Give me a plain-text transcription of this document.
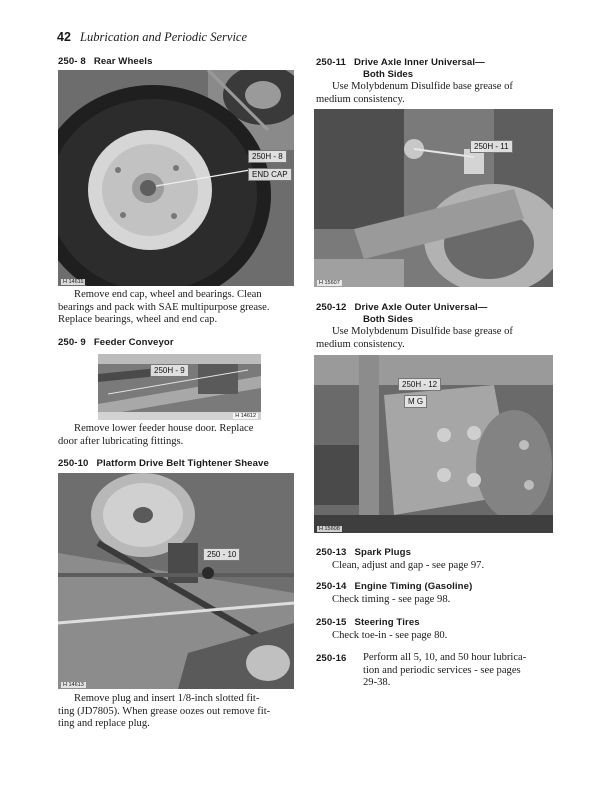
42 Lubrication and Periodic Service
250- 8 Rear Wheels
250H - 8
END CAP
H 14611
Remove end cap, wheel and bearings. Clean
bearings and pack with SAE multipurpose grease.
Replace bearings, wheel and end cap.
250- 9 Feeder Conveyor
250H - 9
H 14612
Remove lower feeder house door. Replace
door after lubricating fittings.
250-10 Platform Drive Belt Tightener Sheave
250 - 10
H 14613
Remove plug and insert 1/8-inch slotted fit-
ting (JD7805). When grease oozes out remove fit-
ting and replace plug.
250-11 Drive Axle Inner Universal—
Both Sides
Use Molybdenum Disulfide base grease of
medium consistency.
250H - 11
H 15607
250-12 Drive Axle Outer Universal—
Both Sides
Use Molybdenum Disulfide base grease of
medium consistency.
250H - 12
M G
H 15608
250-13 Spark Plugs
Clean, adjust and gap - see page 97.
250-14 Engine Timing (Gasoline)
Check timing - see page 98.
250-15 Steering Tires
Check toe-in - see page 80.
250-16	Perform all 5, 10, and 50 hour lubrica-
tion and periodic services - see pages
29-38.
